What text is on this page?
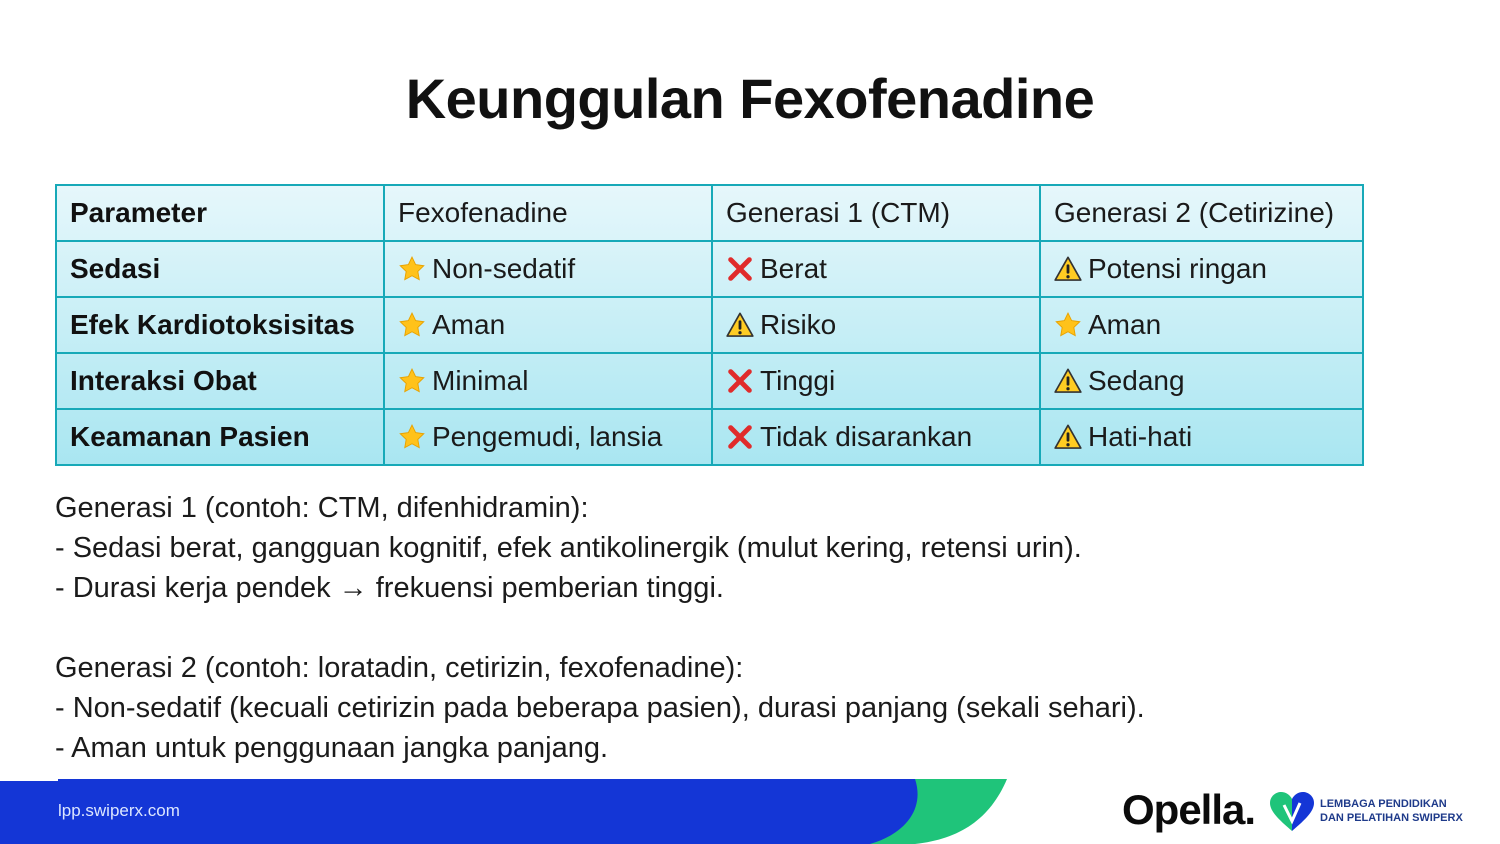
Keunggulan Fexofenadine
Parameter	Fexofenadine	Generasi 1 (CTM)	Generasi 2 (Cetirizine)
Sedasi	Non-sedatif	Berat	Potensi ringan
Efek Kardiotoksisitas	Aman	Risiko	Aman
Interaksi Obat	Minimal	Tinggi	Sedang
Keamanan Pasien	Pengemudi, lansia	Tidak disarankan	Hati-hati
Generasi 1 (contoh: CTM, difenhidramin):
- Sedasi berat, gangguan kognitif, efek antikolinergik (mulut kering, retensi urin).
- Durasi kerja pendek → frekuensi pemberian tinggi.
Generasi 2 (contoh: loratadin, cetirizin, fexofenadine):
- Non-sedatif (kecuali cetirizin pada beberapa pasien), durasi panjang (sekali sehari).
- Aman untuk penggunaan jangka panjang.
lpp.swiperx.com	Opella.	LEMBAGA PENDIDIKAN
DAN PELATIHAN SWIPERX
